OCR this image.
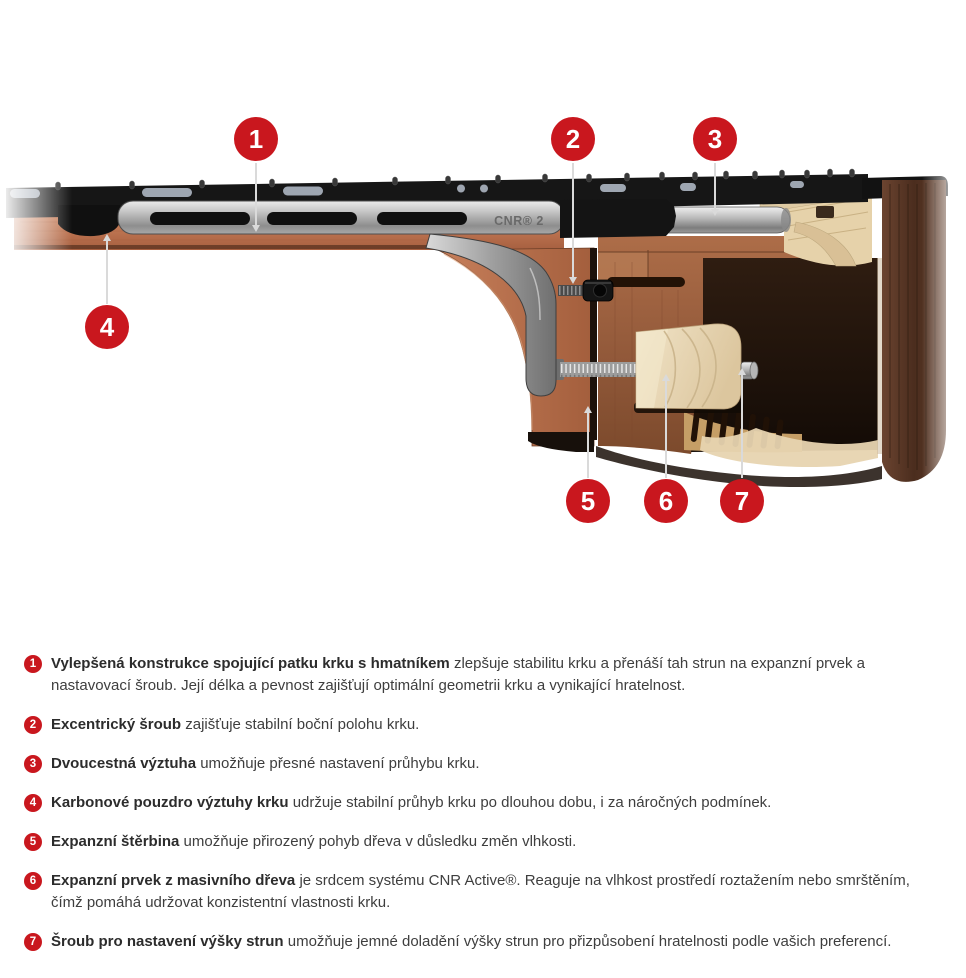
CNR® 2
1	2	3
4
5	6	7
1 Vylepšená konstrukce spojující patku krku s hmatníkem zlepšuje stabilitu krku a přenáší tah strun na expanzní prvek a nastavovací šroub. Její délka a pevnost zajišťují optimální geometrii krku a vynikající hratelnost.

2 Excentrický šroub zajišťuje stabilní boční polohu krku.

3 Dvoucestná výztuha umožňuje přesné nastavení průhybu krku.

4 Karbonové pouzdro výztuhy krku udržuje stabilní průhyb krku po dlouhou dobu, i za náročných podmínek.

5 Expanzní štěrbina umožňuje přirozený pohyb dřeva v důsledku změn vlhkosti.

6 Expanzní prvek z masivního dřeva je srdcem systému CNR Active®. Reaguje na vlhkost prostředí roztažením nebo smrštěním, čímž pomáhá udržovat konzistentní vlastnosti krku.

7 Šroub pro nastavení výšky strun umožňuje jemné doladění výšky strun pro přizpůsobení hratelnosti podle vašich preferencí.
